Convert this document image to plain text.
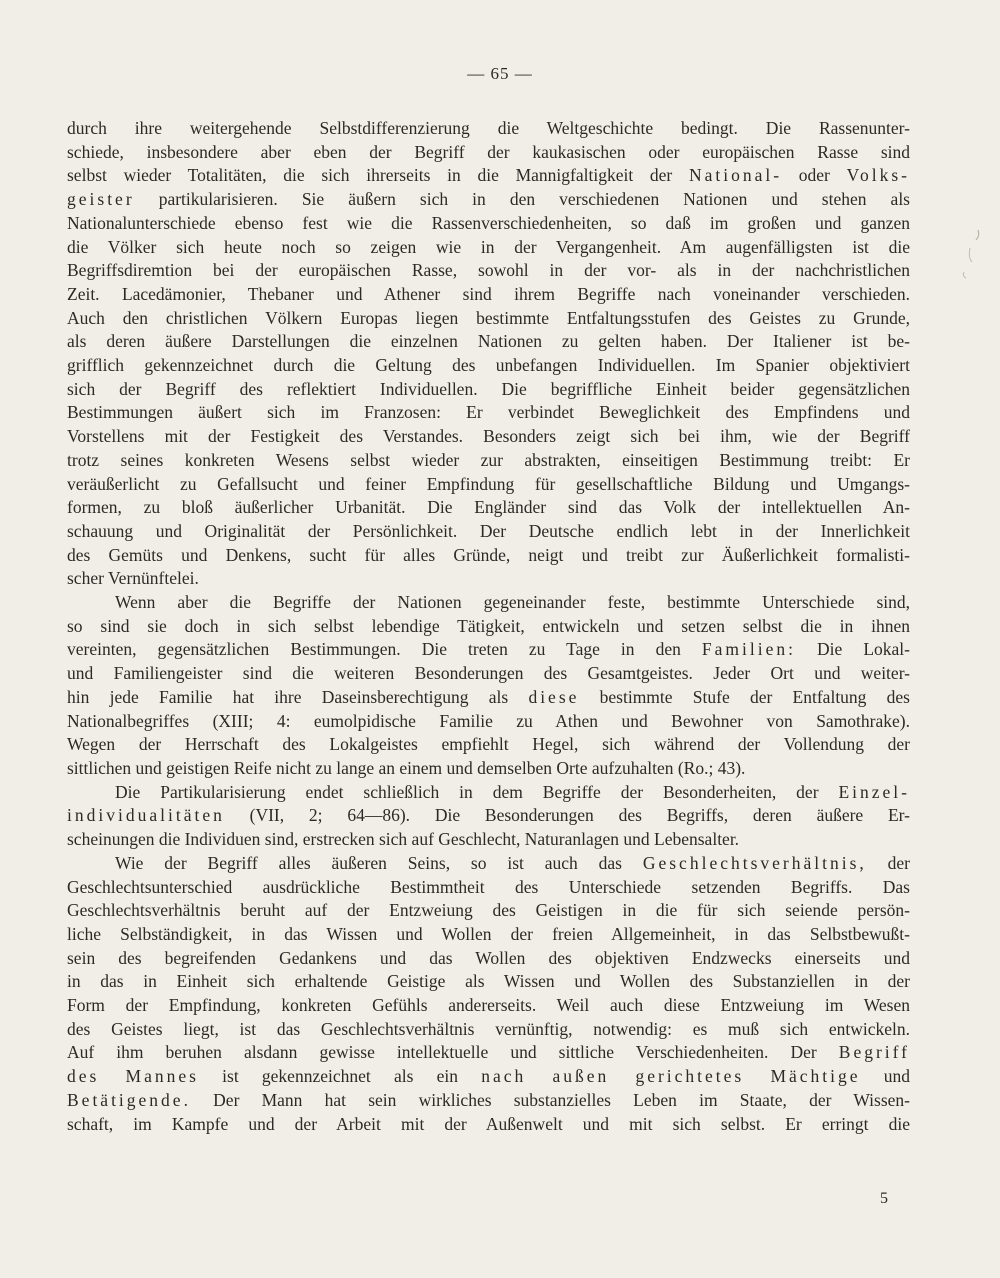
— 65 —
durch ihre weitergehende Selbstdifferenzierung die Weltgeschichte bedingt. Die Rassenunter-
schiede, insbesondere aber eben der Begriff der kaukasischen oder europäischen Rasse sind
selbst wieder Totalitäten, die sich ihrerseits in die Mannigfaltigkeit der National- oder Volks-
geister partikularisieren. Sie äußern sich in den verschiedenen Nationen und stehen als
Nationalunterschiede ebenso fest wie die Rassenverschiedenheiten, so daß im großen und ganzen
die Völker sich heute noch so zeigen wie in der Vergangenheit. Am augenfälligsten ist die
Begriffsdiremtion bei der europäischen Rasse, sowohl in der vor- als in der nachchristlichen
Zeit. Lacedämonier, Thebaner und Athener sind ihrem Begriffe nach voneinander verschieden.
Auch den christlichen Völkern Europas liegen bestimmte Entfaltungsstufen des Geistes zu Grunde,
als deren äußere Darstellungen die einzelnen Nationen zu gelten haben. Der Italiener ist be-
grifflich gekennzeichnet durch die Geltung des unbefangen Individuellen. Im Spanier objektiviert
sich der Begriff des reflektiert Individuellen. Die begriffliche Einheit beider gegensätzlichen
Bestimmungen äußert sich im Franzosen: Er verbindet Beweglichkeit des Empfindens und
Vorstellens mit der Festigkeit des Verstandes. Besonders zeigt sich bei ihm, wie der Begriff
trotz seines konkreten Wesens selbst wieder zur abstrakten, einseitigen Bestimmung treibt: Er
veräußerlicht zu Gefallsucht und feiner Empfindung für gesellschaftliche Bildung und Umgangs-
formen, zu bloß äußerlicher Urbanität. Die Engländer sind das Volk der intellektuellen An-
schauung und Originalität der Persönlichkeit. Der Deutsche endlich lebt in der Innerlichkeit
des Gemüts und Denkens, sucht für alles Gründe, neigt und treibt zur Äußerlichkeit formalisti-
scher Vernünftelei.
Wenn aber die Begriffe der Nationen gegeneinander feste, bestimmte Unterschiede sind,
so sind sie doch in sich selbst lebendige Tätigkeit, entwickeln und setzen selbst die in ihnen
vereinten, gegensätzlichen Bestimmungen. Die treten zu Tage in den Familien: Die Lokal-
und Familiengeister sind die weiteren Besonderungen des Gesamtgeistes. Jeder Ort und weiter-
hin jede Familie hat ihre Daseinsberechtigung als diese bestimmte Stufe der Entfaltung des
Nationalbegriffes (XIII; 4: eumolpidische Familie zu Athen und Bewohner von Samothrake).
Wegen der Herrschaft des Lokalgeistes empfiehlt Hegel, sich während der Vollendung der
sittlichen und geistigen Reife nicht zu lange an einem und demselben Orte aufzuhalten (Ro.; 43).
Die Partikularisierung endet schließlich in dem Begriffe der Besonderheiten, der Einzel-
individualitäten (VII, 2; 64—86). Die Besonderungen des Begriffs, deren äußere Er-
scheinungen die Individuen sind, erstrecken sich auf Geschlecht, Naturanlagen und Lebensalter.
Wie der Begriff alles äußeren Seins, so ist auch das Geschlechtsverhältnis, der
Geschlechtsunterschied ausdrückliche Bestimmtheit des Unterschiede setzenden Begriffs. Das
Geschlechtsverhältnis beruht auf der Entzweiung des Geistigen in die für sich seiende persön-
liche Selbständigkeit, in das Wissen und Wollen der freien Allgemeinheit, in das Selbstbewußt-
sein des begreifenden Gedankens und das Wollen des objektiven Endzwecks einerseits und
in das in Einheit sich erhaltende Geistige als Wissen und Wollen des Substanziellen in der
Form der Empfindung, konkreten Gefühls andererseits. Weil auch diese Entzweiung im Wesen
des Geistes liegt, ist das Geschlechtsverhältnis vernünftig, notwendig: es muß sich entwickeln.
Auf ihm beruhen alsdann gewisse intellektuelle und sittliche Verschiedenheiten. Der Begriff
des Mannes ist gekennzeichnet als ein nach außen gerichtetes Mächtige und
Betätigende. Der Mann hat sein wirkliches substanzielles Leben im Staate, der Wissen-
schaft, im Kampfe und der Arbeit mit der Außenwelt und mit sich selbst. Er erringt die
5
